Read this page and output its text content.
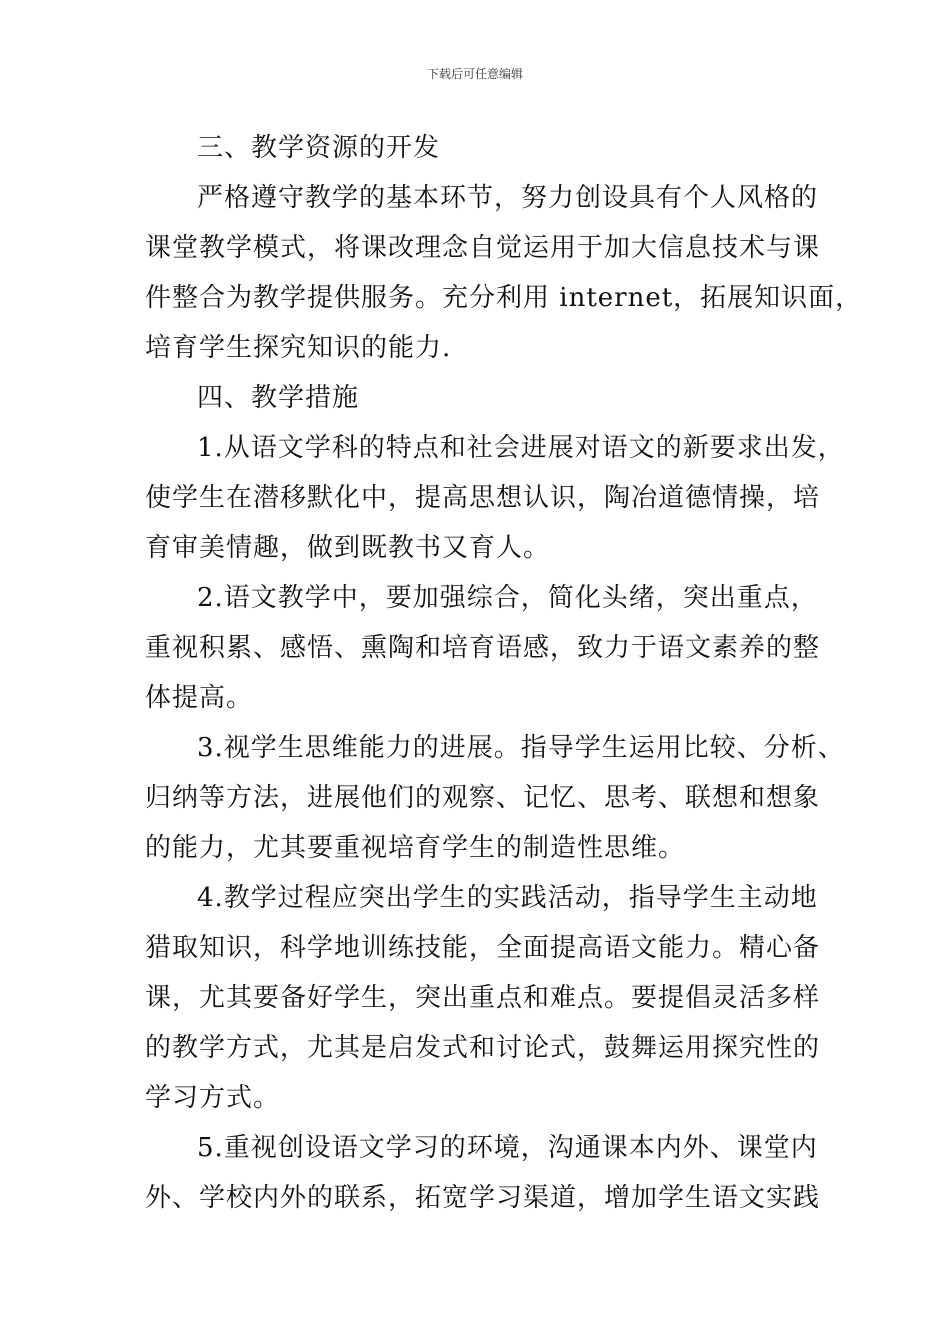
下载后可任意编辑
三、教学资源的开发
严格遵守教学的基本环节，努力创设具有个人风格的
课堂教学模式，将课改理念自觉运用于加大信息技术与课
件整合为教学提供服务。充分利用 internet，拓展知识面，
培育学生探究知识的能力.
四、教学措施
1.从语文学科的特点和社会进展对语文的新要求出发，
使学生在潜移默化中，提高思想认识，陶冶道德情操，培
育审美情趣，做到既教书又育人。
2.语文教学中，要加强综合，简化头绪，突出重点，
重视积累、感悟、熏陶和培育语感，致力于语文素养的整
体提高。
3.视学生思维能力的进展。指导学生运用比较、分析、
归纳等方法，进展他们的观察、记忆、思考、联想和想象
的能力，尤其要重视培育学生的制造性思维。
4.教学过程应突出学生的实践活动，指导学生主动地
猎取知识，科学地训练技能，全面提高语文能力。精心备
课，尤其要备好学生，突出重点和难点。要提倡灵活多样
的教学方式，尤其是启发式和讨论式，鼓舞运用探究性的
学习方式。
5.重视创设语文学习的环境，沟通课本内外、课堂内
外、学校内外的联系，拓宽学习渠道，增加学生语文实践
